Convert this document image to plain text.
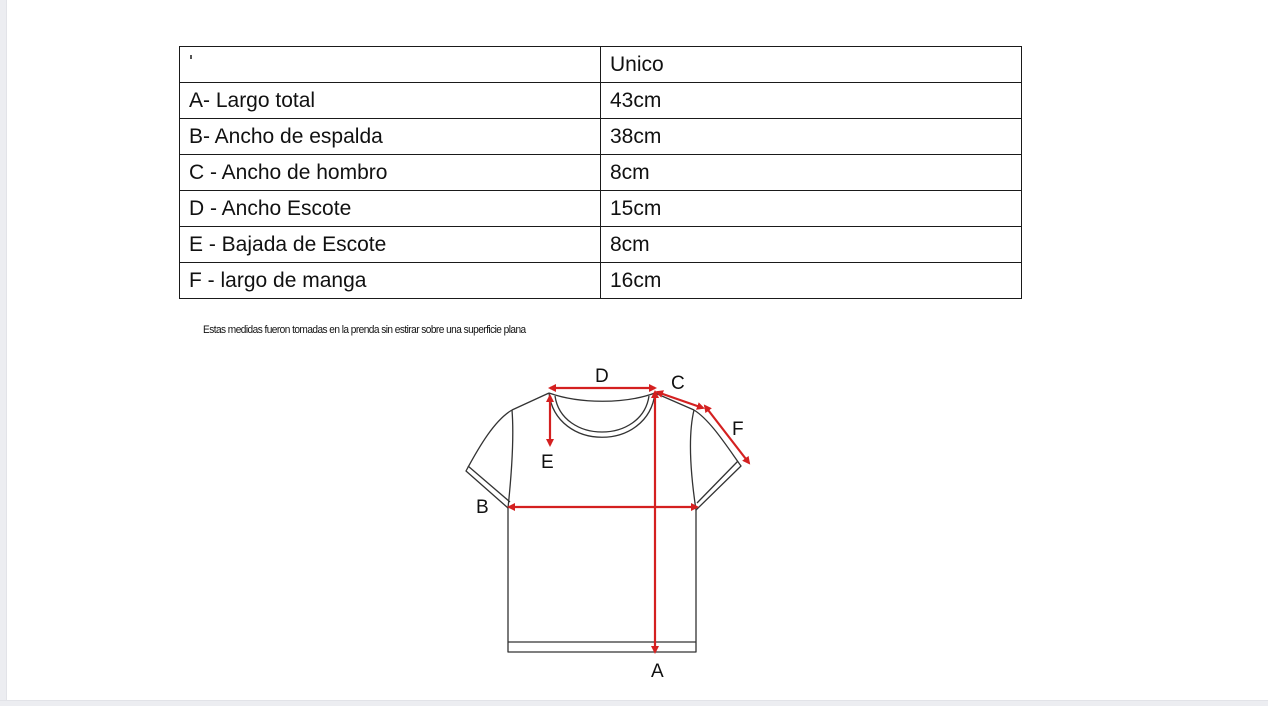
	Unico
A- Largo total	43cm
B- Ancho de espalda	38cm
C - Ancho de hombro	8cm
D - Ancho Escote	15cm
E - Bajada de Escote	8cm
F - largo de manga	16cm
Estas medidas fueron tomadas en la prenda sin estirar sobre una superficie plana
D	C
F
E
B
A
